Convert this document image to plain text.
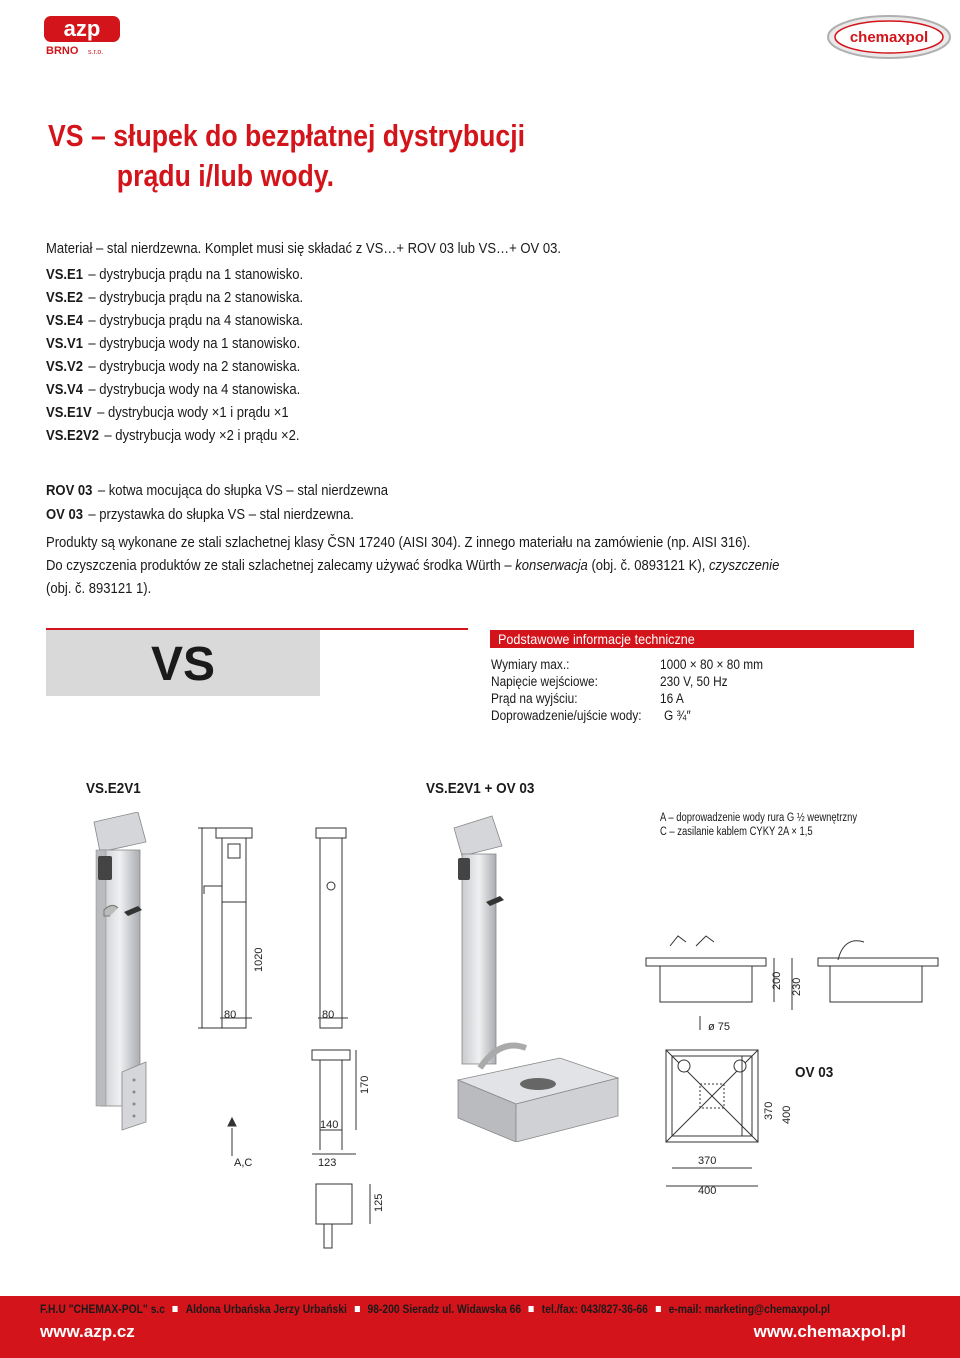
azp
BRNO s.r.o.
chemaxpol
VS – słupek do bezpłatnej dystrybucji
prądu i/lub wody.
Materiał – stal nierdzewna. Komplet musi się składać z VS…+ ROV 03 lub VS…+ OV 03.
VS.E1 – dystrybucja prądu na 1 stanowisko.
VS.E2 – dystrybucja prądu na 2 stanowiska.
VS.E4 – dystrybucja prądu na 4 stanowiska.
VS.V1 – dystrybucja wody na 1 stanowisko.
VS.V2 – dystrybucja wody na 2 stanowiska.
VS.V4 – dystrybucja wody na 4 stanowiska.
VS.E1V – dystrybucja wody ×1 i prądu ×1
VS.E2V2 – dystrybucja wody ×2 i prądu ×2.
ROV 03 – kotwa mocująca do słupka VS – stal nierdzewna
OV 03 – przystawka do słupka VS – stal nierdzewna.

Produkty są wykonane ze stali szlachetnej klasy ČSN 17240 (AISI 304). Z innego materiału na zamówienie (np. AISI 316).

Do czyszczenia produktów ze stali szlachetnej zalecamy używać środka Würth – konserwacja (obj. č. 0893121 K), czyszczenie

(obj. č. 893121 1).

VS	Podstawowe informacje techniczne
Wymiary max.:	1000 × 80 × 80 mm
Napięcie wejściowe:	230 V, 50 Hz
Prąd na wyjściu:	16 A
Doprowadzenie/ujście wody: G ¾″
VS.E2V1	VS.E2V1 + OV 03
OV 03
A – doprowadzenie wody rura G ½ wewnętrzny
C – zasilanie kablem CYKY 2A × 1,5
1020
80	80
170
140
A,C	123
125
200 230
ø 75
370 400
370
400
F.H.U "CHEMAX-POL" s.c Aldona Urbańska Jerzy Urbański 98-200 Sieradz ul. Widawska 66 tel./fax: 043/827-36-66 e-mail: marketing@chemaxpol.pl
www.azp.cz	www.chemaxpol.pl
